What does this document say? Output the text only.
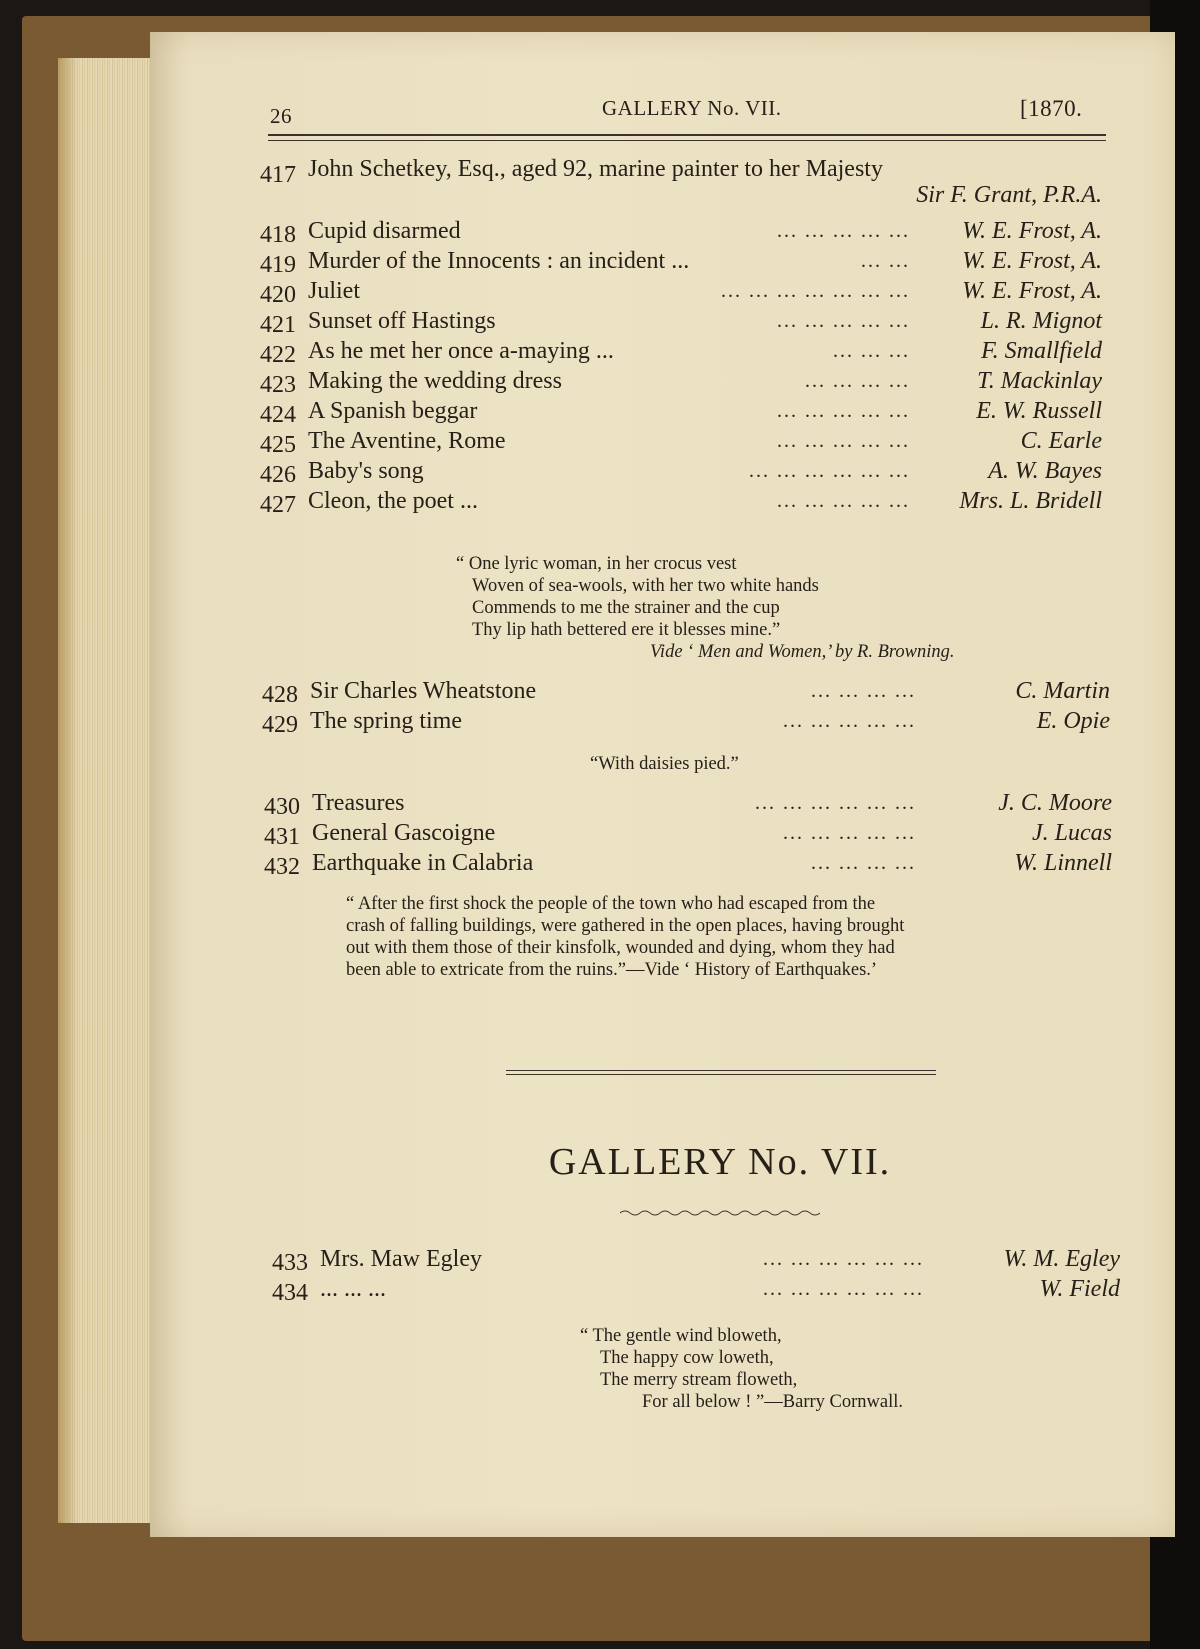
26	GALLERY No. VII.	[1870.
417 John Schetkey, Esq., aged 92, marine painter to her Majesty
Sir F. Grant, P.R.A.
418 Cupid disarmed	... ... ... ... ... W. E. Frost, A.
419 Murder of the Innocents : an incident ...	... ... W. E. Frost, A.
420 Juliet	... ... ... ... ... ... ... W. E. Frost, A.
421 Sunset off Hastings	... ... ... ... ...	L. R. Mignot
422 As he met her once a-maying ...	... ... ...	F. Smallfield
423 Making the wedding dress	... ... ... ...	T. Mackinlay
424 A Spanish beggar	... ... ... ... ...	E. W. Russell
425 The Aventine, Rome	... ... ... ... ...	C. Earle
426 Baby's song	... ... ... ... ... ...	A. W. Bayes
427 Cleon, the poet ...	... ... ... ... ... Mrs. L. Bridell
“ One lyric woman, in her crocus vest
Woven of sea-wools, with her two white hands
Commends to me the strainer and the cup
Thy lip hath bettered ere it blesses mine.”
Vide ‘ Men and Women,’ by R. Browning.
428 Sir Charles Wheatstone	... ... ... ...	C. Martin
429 The spring time	... ... ... ... ...	E. Opie
“With daisies pied.”
430 Treasures	... ... ... ... ... ...	J. C. Moore
431 General Gascoigne	... ... ... ... ...	J. Lucas
432 Earthquake in Calabria	... ... ... ...	W. Linnell
“ After the first shock the people of the town who had escaped from the
crash of falling buildings, were gathered in the open places, having brought
out with them those of their kinsfolk, wounded and dying, whom they had
been able to extricate from the ruins.”—Vide ‘ History of Earthquakes.’
GALLERY No. VII.
433 Mrs. Maw Egley	... ... ... ... ... ...	W. M. Egley
434 ... ... ...	... ... ... ... ... ...	W. Field
“ The gentle wind bloweth,
The happy cow loweth,
The merry stream floweth,
For all below ! ”—Barry Cornwall.
